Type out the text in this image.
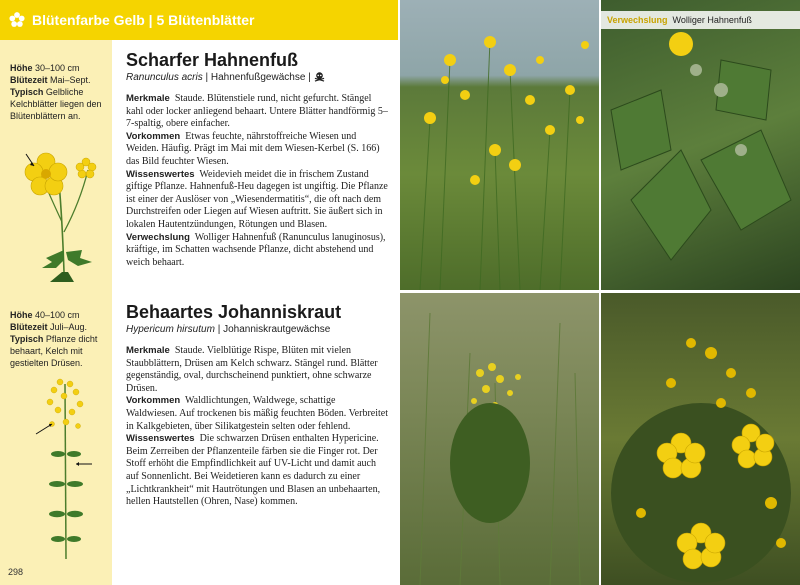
Blütenfarbe Gelb | 5 Blütenblätter
Höhe 30–100 cm
Blütezeit Mai–Sept.
Typisch Gelbliche Kelchblätter liegen den Blütenblättern an.
Höhe 40–100 cm
Blütezeit Juli–Aug.
Typisch Pflanze dicht behaart, Kelch mit gestielten Drüsen.
Scharfer Hahnenfuß
Ranunculus acris | Hahnenfußgewächse |
Merkmale Staude. Blütenstiele rund, nicht gefurcht. Stängel kahl oder locker anliegend behaart. Untere Blätter handförmig 5–7-spaltig, obere einfacher.
Vorkommen Etwas feuchte, nährstoffreiche Wiesen und Weiden. Häufig. Prägt im Mai mit dem Wiesen-Kerbel (S. 166) das Bild feuchter Wiesen.
Wissenswertes Weidevieh meidet die in frischem Zustand giftige Pflanze. Hahnenfuß-Heu dagegen ist ungiftig. Die Pflanze ist einer der Auslöser von „Wiesendermatitis“, die oft nach dem Durchstreifen oder Liegen auf Wiesen auftritt. Sie äußert sich in lokalen Hautentzündungen, Rötungen und Blasen.
Verwechslung Wolliger Hahnenfuß (Ranunculus lanuginosus), kräftige, im Schatten wachsende Pflanze, dicht abstehend und weich behaart.
Behaartes Johanniskraut
Hypericum hirsutum | Johanniskrautgewächse
Merkmale Staude. Vielblütige Rispe, Blüten mit vielen Staubblättern, Drüsen am Kelch schwarz. Stängel rund. Blätter gegenständig, oval, durchscheinend punktiert, ohne schwarze Drüsen.
Vorkommen Waldlichtungen, Waldwege, schattige Waldwiesen. Auf trockenen bis mäßig feuchten Böden. Verbreitet in Kalkgebieten, über Silikatgestein selten oder fehlend.
Wissenswertes Die schwarzen Drüsen enthalten Hypericine. Beim Zerreiben der Pflanzenteile färben sie die Finger rot. Der Stoff erhöht die Empfindlichkeit auf UV-Licht und damit auch auf Sonnenlicht. Bei Weidetieren kann es dadurch zu einer „Lichtkrankheit“ mit Hautrötungen und Blasen an unbehaarten, hellen Hautstellen (Ohren, Nase) kommen.
298
Verwechslung Wolliger Hahnenfuß
